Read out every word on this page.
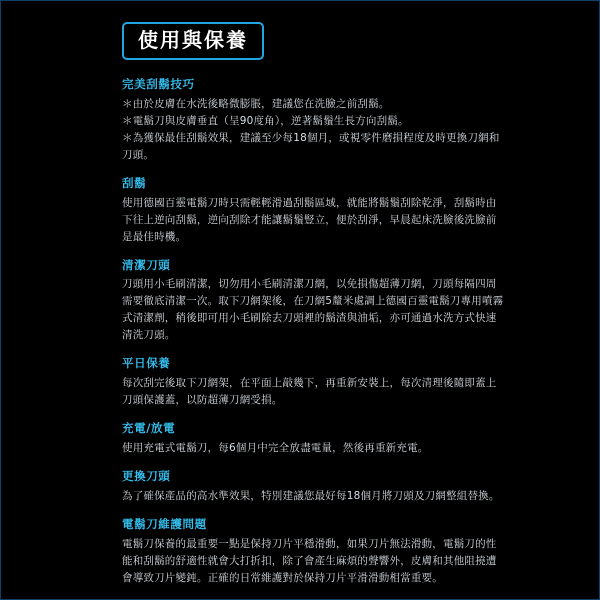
使用與保養
完美刮鬍技巧

＊由於皮膚在水洗後略微膨脹，建議您在洗臉之前刮鬍。

＊電鬍刀與皮膚垂直（呈90度角），逆著鬍鬚生長方向刮鬍。

＊為獲保最佳刮鬍效果，建議至少每18個月，或視零件磨損程度及時更換刀網和刀頭。

刮鬍

使用德國百靈電鬍刀時只需輕輕滑過刮鬍區域，就能將鬍鬚刮除乾淨，刮鬍時由下往上逆向刮鬍，逆向刮除才能讓鬍鬚豎立，便於刮淨，早晨起床洗臉後洗臉前是最佳時機。

清潔刀頭

刀頭用小毛刷清潔，切勿用小毛刷清潔刀網，以免損傷超薄刀網，刀頭每隔四周需要徹底清潔一次。取下刀網架後，在刀網5釐米處調上德國百靈電鬍刀專用噴霧式清潔劑，稍後即可用小毛刷除去刀頭裡的鬍渣與油垢，亦可通過水洗方式快速清洗刀頭。

平日保養

每次刮完後取下刀網架，在平面上敲幾下，再重新安裝上，每次清理後隨即蓋上刀頭保護蓋，以防超薄刀網受損。

充電/放電

使用充電式電鬍刀，每6個月中完全放盡電量，然後再重新充電。

更換刀頭

為了確保產品的高水準效果，特別建議您最好每18個月將刀頭及刀網整組替換。

電鬍刀維護問題

電鬍刀保養的最重要一點是保持刀片平穩滑動，如果刀片無法滑動，電鬍刀的性能和刮鬍的舒適性就會大打折扣，除了會產生麻煩的聲響外，皮膚和其他阻撓遭會導致刀片變鈍。正確的日常維護對於保持刀片平滑滑動相當重要。
